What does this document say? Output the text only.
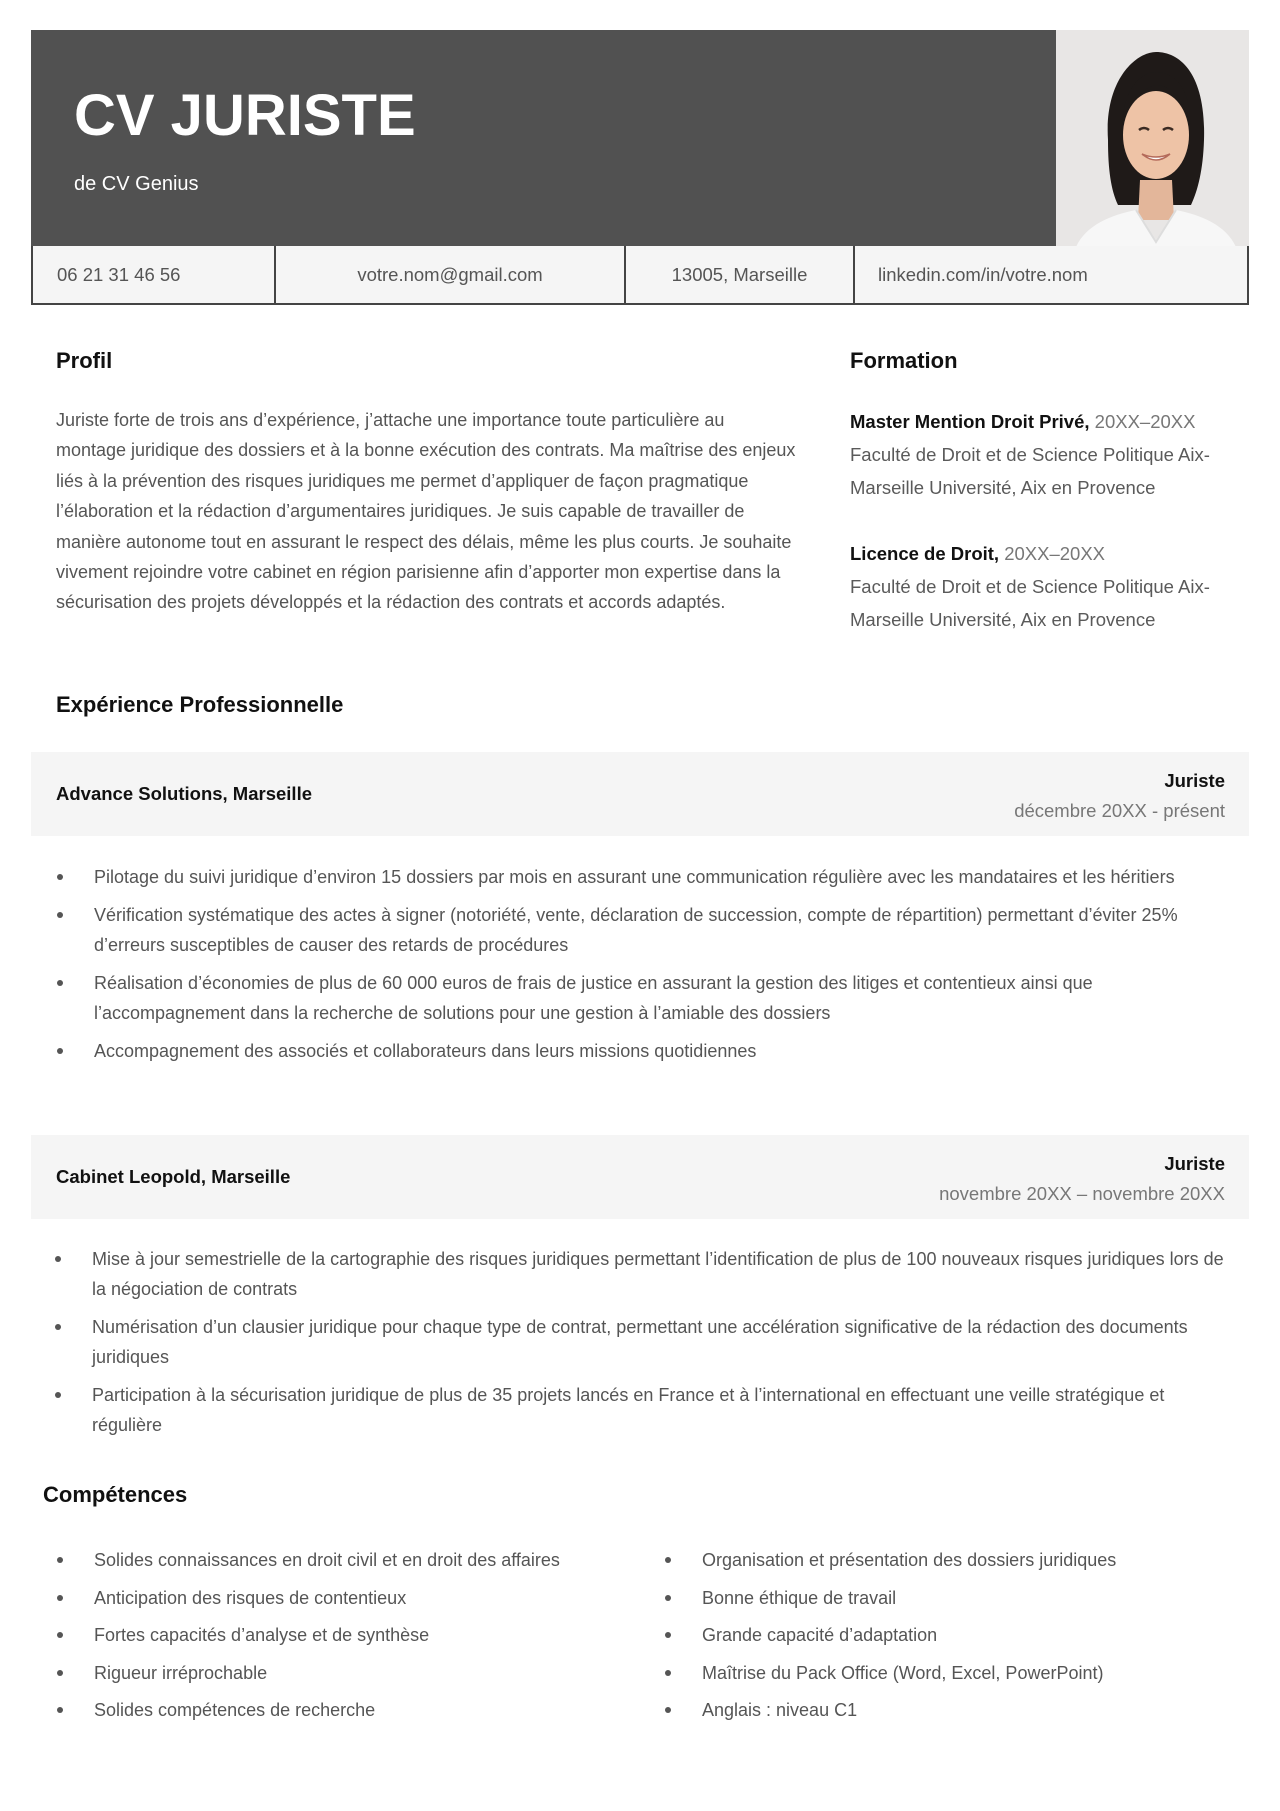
CV JURISTE
de CV Genius
06 21 31 46 56	votre.nom@gmail.com	13005, Marseille	linkedin.com/in/votre.nom
Profil
Juriste forte de trois ans d’expérience, j’attache une importance toute particulière au montage juridique des dossiers et à la bonne exécution des contrats. Ma maîtrise des enjeux liés à la prévention des risques juridiques me permet d’appliquer de façon pragmatique l’élaboration et la rédaction d’argumentaires juridiques. Je suis capable de travailler de manière autonome tout en assurant le respect des délais, même les plus courts. Je souhaite vivement rejoindre votre cabinet en région parisienne afin d’apporter mon expertise dans la sécurisation des projets développés et la rédaction des contrats et accords adaptés.
Formation
Master Mention Droit Privé, 20XX–20XX
Faculté de Droit et de Science Politique Aix-Marseille Université, Aix en Provence
Licence de Droit, 20XX–20XX
Faculté de Droit et de Science Politique Aix-Marseille Université, Aix en Provence
Expérience Professionnelle
Advance Solutions, Marseille
Juriste
décembre 20XX - présent
Pilotage du suivi juridique d’environ 15 dossiers par mois en assurant une communication régulière avec les mandataires et les héritiers
Vérification systématique des actes à signer (notoriété, vente, déclaration de succession, compte de répartition) permettant d’éviter 25% d’erreurs susceptibles de causer des retards de procédures
Réalisation d’économies de plus de 60 000 euros de frais de justice en assurant la gestion des litiges et contentieux ainsi que l’accompagnement dans la recherche de solutions pour une gestion à l’amiable des dossiers
Accompagnement des associés et collaborateurs dans leurs missions quotidiennes
Cabinet Leopold, Marseille
Juriste
novembre 20XX – novembre 20XX
Mise à jour semestrielle de la cartographie des risques juridiques permettant l’identification de plus de 100 nouveaux risques juridiques lors de la négociation de contrats
Numérisation d’un clausier juridique pour chaque type de contrat, permettant une accélération significative de la rédaction des documents juridiques
Participation à la sécurisation juridique de plus de 35 projets lancés en France et à l’international en effectuant une veille stratégique et régulière
Compétences
Solides connaissances en droit civil et en droit des affaires
Anticipation des risques de contentieux
Fortes capacités d’analyse et de synthèse
Rigueur irréprochable
Solides compétences de recherche
Organisation et présentation des dossiers juridiques
Bonne éthique de travail
Grande capacité d’adaptation
Maîtrise du Pack Office (Word, Excel, PowerPoint)
Anglais : niveau C1
